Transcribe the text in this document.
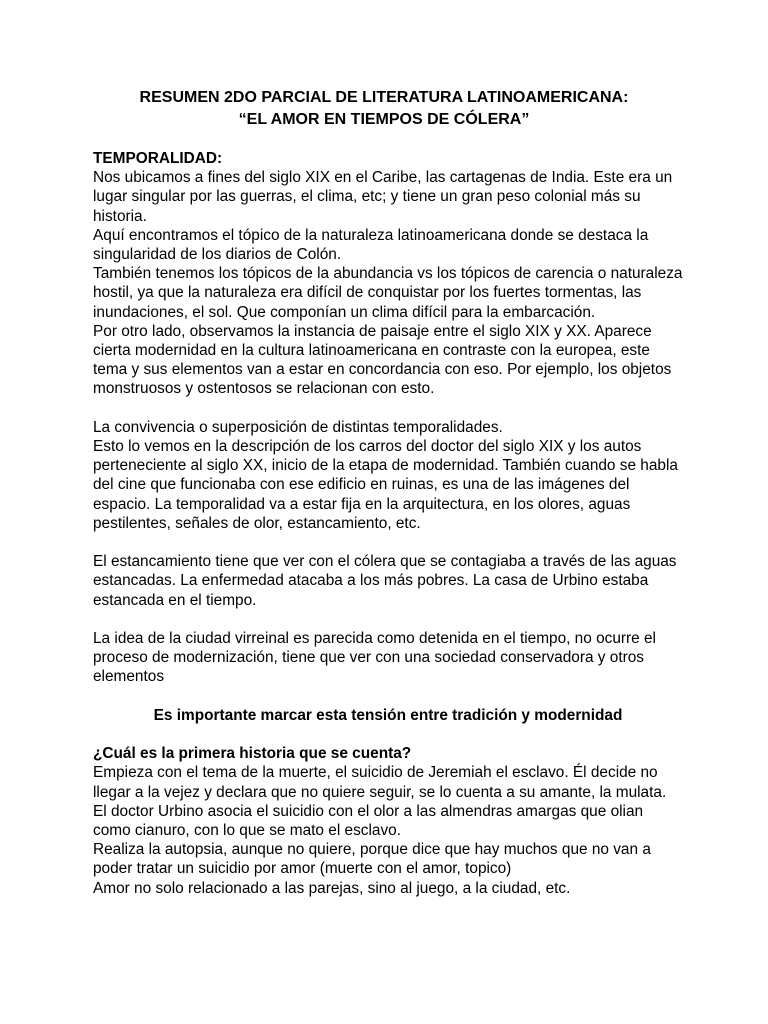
RESUMEN 2DO PARCIAL DE LITERATURA LATINOAMERICANA:
“EL AMOR EN TIEMPOS DE CÓLERA”

TEMPORALIDAD:

Nos ubicamos a fines del siglo XIX en el Caribe, las cartagenas de India. Este era un lugar singular por las guerras, el clima, etc; y tiene un gran peso colonial más su historia.

Aquí encontramos el tópico de la naturaleza latinoamericana donde se destaca la singularidad de los diarios de Colón.

También tenemos los tópicos de la abundancia vs los tópicos de carencia o naturaleza hostil, ya que la naturaleza era difícil de conquistar por los fuertes tormentas, las inundaciones, el sol. Que componían un clima difícil para la embarcación.

Por otro lado, observamos la instancia de paisaje entre el siglo XIX y XX. Aparece cierta modernidad en la cultura latinoamericana en contraste con la europea, este tema y sus elementos van a estar en concordancia con eso. Por ejemplo, los objetos monstruosos y ostentosos se relacionan con esto.

La convivencia o superposición de distintas temporalidades.

Esto lo vemos en la descripción de los carros del doctor del siglo XIX y los autos perteneciente al siglo XX, inicio de la etapa de modernidad. También cuando se habla del cine que funcionaba con ese edificio en ruinas, es una de las imágenes del espacio. La temporalidad va a estar fija en la arquitectura, en los olores, aguas pestilentes, señales de olor, estancamiento, etc.

El estancamiento tiene que ver con el cólera que se contagiaba a través de las aguas estancadas. La enfermedad atacaba a los más pobres. La casa de Urbino estaba estancada en el tiempo.

La idea de la ciudad virreinal es parecida como detenida en el tiempo, no ocurre el proceso de modernización, tiene que ver con una sociedad conservadora y otros elementos

Es importante marcar esta tensión entre tradición y modernidad

¿Cuál es la primera historia que se cuenta?

Empieza con el tema de la muerte, el suicidio de Jeremiah el esclavo. Él decide no llegar a la vejez y declara que no quiere seguir, se lo cuenta a su amante, la mulata.

El doctor Urbino asocia el suicidio con el olor a las almendras amargas que olian como cianuro, con lo que se mato el esclavo.

Realiza la autopsia, aunque no quiere, porque dice que hay muchos que no van a poder tratar un suicidio por amor (muerte con el amor, topico)

Amor no solo relacionado a las parejas, sino al juego, a la ciudad, etc.
